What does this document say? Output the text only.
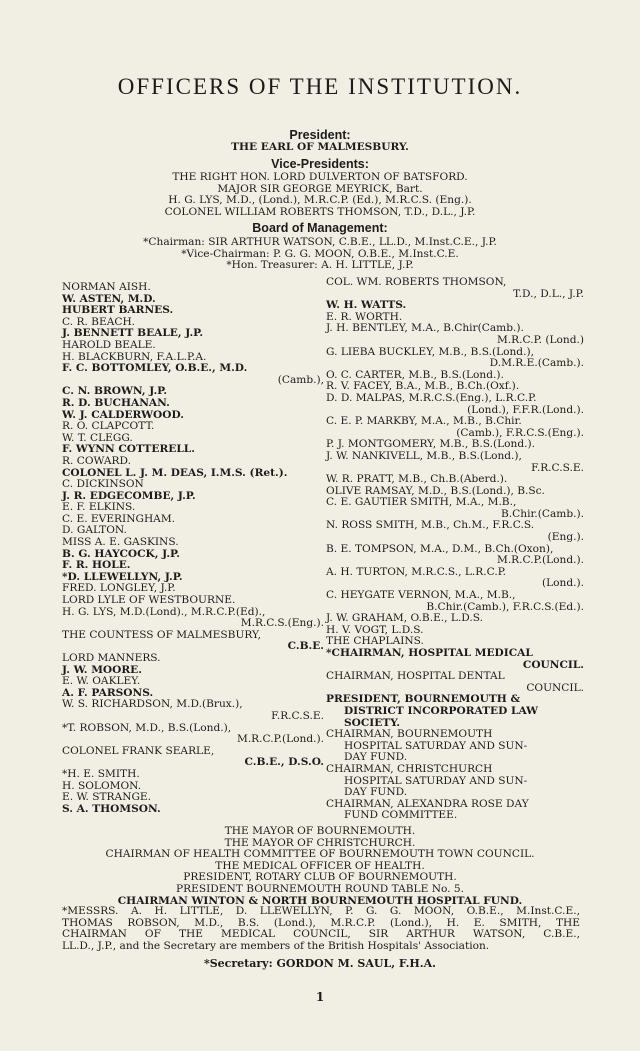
OFFICERS OF THE INSTITUTION.
President:
THE EARL OF MALMESBURY.
Vice-Presidents:
THE RIGHT HON. LORD DULVERTON OF BATSFORD.
MAJOR SIR GEORGE MEYRICK, Bart.
H. G. LYS, M.D., (Lond.), M.R.C.P. (Ed.), M.R.C.S. (Eng.).
COLONEL WILLIAM ROBERTS THOMSON, T.D., D.L., J.P.
Board of Management:
*Chairman: SIR ARTHUR WATSON, C.B.E., LL.D., M.Inst.C.E., J.P.
*Vice-Chairman: P. G. G. MOON, O.B.E., M.Inst.C.E.
*Hon. Treasurer: A. H. LITTLE, J.P.
NORMAN AISH.
W. ASTEN, M.D.
HUBERT BARNES.
C. R. BEACH.
J. BENNETT BEALE, J.P.
HAROLD BEALE.
H. BLACKBURN, F.A.L.P.A.
F. C. BOTTOMLEY, O.B.E., M.D.
(Camb.),
C. N. BROWN, J.P.
R. D. BUCHANAN.
W. J. CALDERWOOD.
R. O. CLAPCOTT.
W. T. CLEGG.
F. WYNN COTTERELL.
R. COWARD.
COLONEL L. J. M. DEAS, I.M.S. (Ret.).
C. DICKINSON
J. R. EDGECOMBE, J.P.
E. F. ELKINS.
C. E. EVERINGHAM.
D. GALTON.
MISS A. E. GASKINS.
B. G. HAYCOCK, J.P.
F. R. HOLE.
*D. LLEWELLYN, J.P.
FRED. LONGLEY, J.P.
LORD LYLE OF WESTBOURNE.
H. G. LYS, M.D.(Lond)., M.R.C.P.(Ed).,
M.R.C.S.(Eng.).
THE COUNTESS OF MALMESBURY,
C.B.E.
LORD MANNERS.
J. W. MOORE.
E. W. OAKLEY.
A. F. PARSONS.
W. S. RICHARDSON, M.D.(Brux.),
F.R.C.S.E.
*T. ROBSON, M.D., B.S.(Lond.),
M.R.C.P.(Lond.).
COLONEL FRANK SEARLE,
C.B.E., D.S.O.
*H. E. SMITH.
H. SOLOMON.
E. W. STRANGE.
S. A. THOMSON.
COL. WM. ROBERTS THOMSON,
T.D., D.L., J.P.
W. H. WATTS.
E. R. WORTH.
J. H. BENTLEY, M.A., B.Chir(Camb.).
M.R.C.P. (Lond.)
G. LIEBA BUCKLEY, M.B., B.S.(Lond.),
D.M.R.E.(Camb.).
O. C. CARTER, M.B., B.S.(Lond.).
R. V. FACEY, B.A., M.B., B.Ch.(Oxf.).
D. D. MALPAS, M.R.C.S.(Eng.), L.R.C.P.
(Lond.), F.F.R.(Lond.).
C. E. P. MARKBY, M.A., M.B., B.Chir.
(Camb.), F.R.C.S.(Eng.).
P. J. MONTGOMERY, M.B., B.S.(Lond.).
J. W. NANKIVELL, M.B., B.S.(Lond.),
F.R.C.S.E.
W. R. PRATT, M.B., Ch.B.(Aberd.).
OLIVE RAMSAY, M.D., B.S.(Lond.), B.Sc.
C. E. GAUTIER SMITH, M.A., M.B.,
B.Chir.(Camb.).
N. ROSS SMITH, M.B., Ch.M., F.R.C.S.
(Eng.).
B. E. TOMPSON, M.A., D.M., B.Ch.(Oxon),
M.R.C.P.(Lond.).
A. H. TURTON, M.R.C.S., L.R.C.P.
(Lond.).
C. HEYGATE VERNON, M.A., M.B.,
B.Chir.(Camb.), F.R.C.S.(Ed.).
J. W. GRAHAM, O.B.E., L.D.S.
H. V. VOGT, L.D.S.
THE CHAPLAINS.
*CHAIRMAN, HOSPITAL MEDICAL
COUNCIL.
CHAIRMAN, HOSPITAL DENTAL
COUNCIL.
PRESIDENT, BOURNEMOUTH &
DISTRICT INCORPORATED LAW
SOCIETY.
CHAIRMAN, BOURNEMOUTH
HOSPITAL SATURDAY AND SUN-
DAY FUND.
CHAIRMAN, CHRISTCHURCH
HOSPITAL SATURDAY AND SUN-
DAY FUND.
CHAIRMAN, ALEXANDRA ROSE DAY
FUND COMMITTEE.
THE MAYOR OF BOURNEMOUTH.
THE MAYOR OF CHRISTCHURCH.
CHAIRMAN OF HEALTH COMMITTEE OF BOURNEMOUTH TOWN COUNCIL.
THE MEDICAL OFFICER OF HEALTH.
PRESIDENT, ROTARY CLUB OF BOURNEMOUTH.
PRESIDENT BOURNEMOUTH ROUND TABLE No. 5.
CHAIRMAN WINTON & NORTH BOURNEMOUTH HOSPITAL FUND.
*MESSRS. A. H. LITTLE, D. LLEWELLYN, P. G. G. MOON, O.B.E., M.Inst.C.E.,
THOMAS ROBSON, M.D., B.S. (Lond.), M.R.C.P. (Lond.), H. E. SMITH, THE
CHAIRMAN OF THE MEDICAL COUNCIL, SIR ARTHUR WATSON, C.B.E.,
LL.D., J.P., and the Secretary are members of the British Hospitals' Association.
*Secretary: GORDON M. SAUL, F.H.A.
1
